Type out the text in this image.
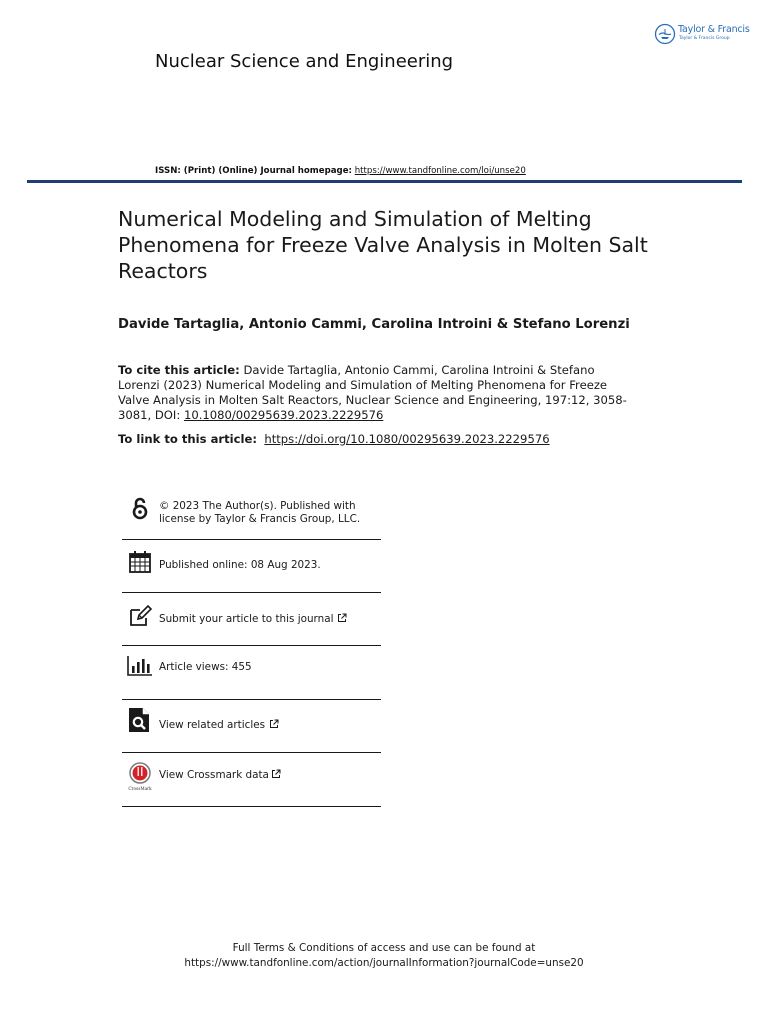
Taylor & Francis
Taylor & Francis Group
Nuclear Science and Engineering
ISSN: (Print) (Online) Journal homepage: https://www.tandfonline.com/loi/unse20
Numerical Modeling and Simulation of Melting Phenomena for Freeze Valve Analysis in Molten Salt Reactors
Davide Tartaglia, Antonio Cammi, Carolina Introini & Stefano Lorenzi
To cite this article: Davide Tartaglia, Antonio Cammi, Carolina Introini & Stefano Lorenzi (2023) Numerical Modeling and Simulation of Melting Phenomena for Freeze Valve Analysis in Molten Salt Reactors, Nuclear Science and Engineering, 197:12, 3058-3081, DOI: 10.1080/00295639.2023.2229576
To link to this article: https://doi.org/10.1080/00295639.2023.2229576
© 2023 The Author(s). Published with license by Taylor & Francis Group, LLC.
Published online: 08 Aug 2023.
Submit your article to this journal
Article views: 455
View related articles
CrossMark
View Crossmark data
Full Terms & Conditions of access and use can be found at
https://www.tandfonline.com/action/journalInformation?journalCode=unse20
